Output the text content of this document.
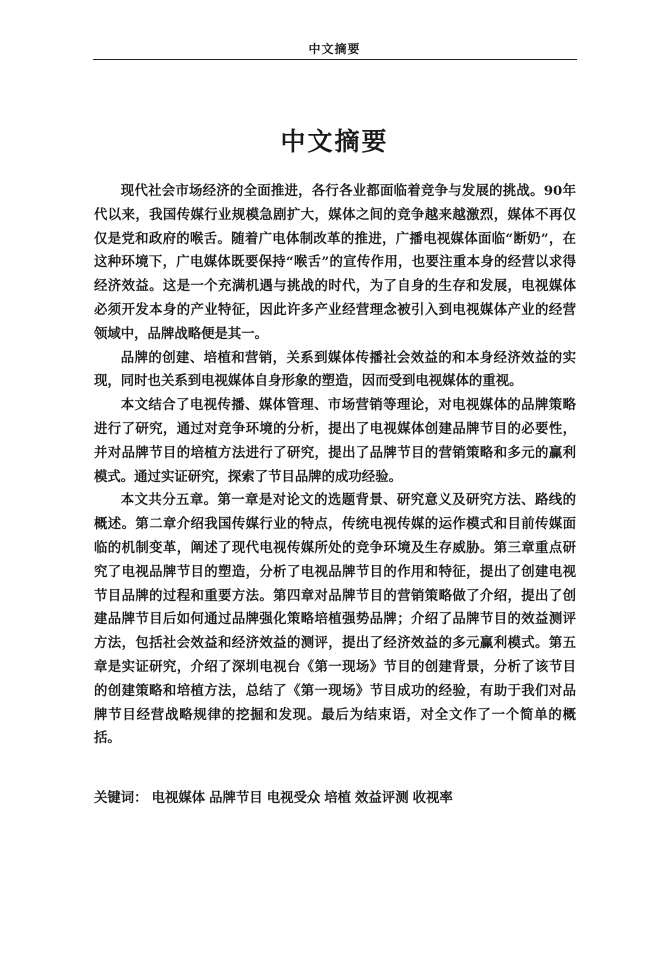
中文摘要
中文摘要

现代社会市场经济的全面推进，各行各业都面临着竞争与发展的挑战。90年代以来，我国传媒行业规模急剧扩大，媒体之间的竞争越来越激烈，媒体不再仅仅是党和政府的喉舌。随着广电体制改革的推进，广播电视媒体面临“断奶”，在这种环境下，广电媒体既要保持“喉舌”的宣传作用，也要注重本身的经营以求得经济效益。这是一个充满机遇与挑战的时代，为了自身的生存和发展，电视媒体必须开发本身的产业特征，因此许多产业经营理念被引入到电视媒体产业的经营领域中，品牌战略便是其一。

品牌的创建、培植和营销，关系到媒体传播社会效益的和本身经济效益的实现，同时也关系到电视媒体自身形象的塑造，因而受到电视媒体的重视。

本文结合了电视传播、媒体管理、市场营销等理论，对电视媒体的品牌策略进行了研究，通过对竞争环境的分析，提出了电视媒体创建品牌节目的必要性，并对品牌节目的培植方法进行了研究，提出了品牌节目的营销策略和多元的赢利模式。通过实证研究，探索了节目品牌的成功经验。

本文共分五章。第一章是对论文的选题背景、研究意义及研究方法、路线的概述。第二章介绍我国传媒行业的特点，传统电视传媒的运作模式和目前传媒面临的机制变革，阐述了现代电视传媒所处的竞争环境及生存威胁。第三章重点研究了电视品牌节目的塑造，分析了电视品牌节目的作用和特征，提出了创建电视节目品牌的过程和重要方法。第四章对品牌节目的营销策略做了介绍，提出了创建品牌节目后如何通过品牌强化策略培植强势品牌；介绍了品牌节目的效益测评方法，包括社会效益和经济效益的测评，提出了经济效益的多元赢利模式。第五章是实证研究，介绍了深圳电视台《第一现场》节目的创建背景，分析了该节目的创建策略和培植方法，总结了《第一现场》节目成功的经验，有助于我们对品牌节目经营战略规律的挖掘和发现。最后为结束语，对全文作了一个简单的概括。

关键词： 电视媒体 品牌节目 电视受众 培植 效益评测 收视率
